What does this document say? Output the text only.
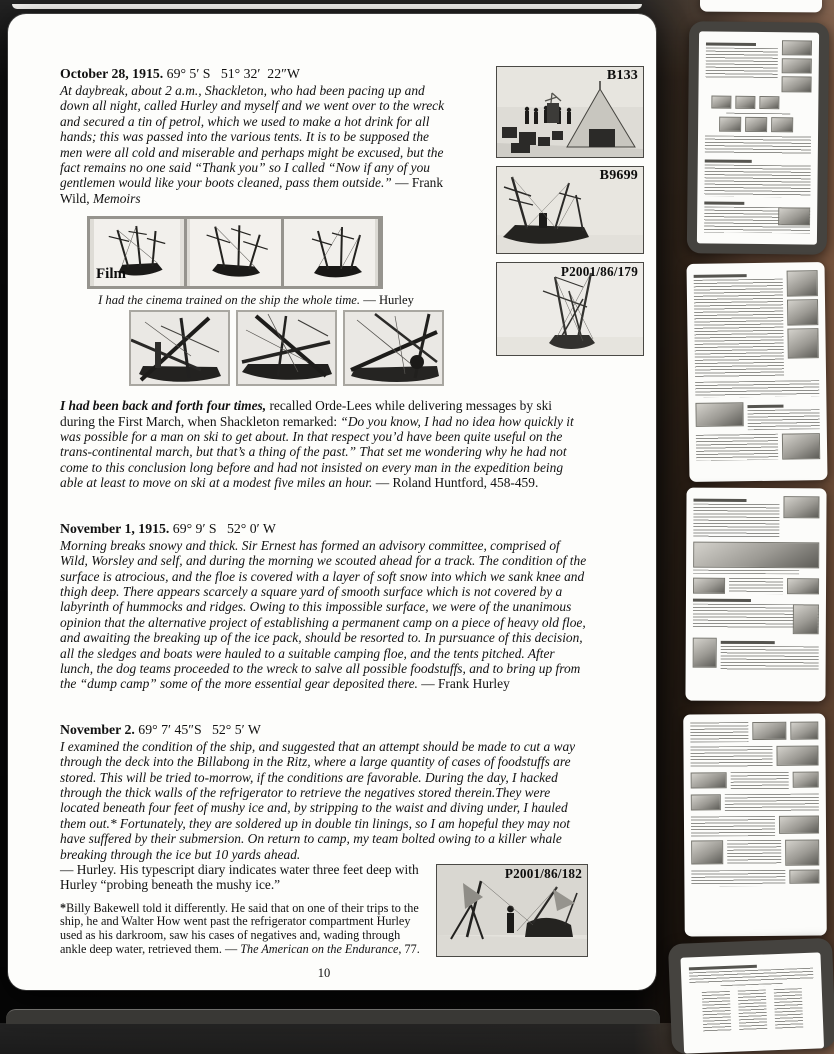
October 28, 1915. 69° 5′ S   51° 32′  22″W
At daybreak, about 2 a.m., Shackleton, who had been pacing up and down all night, called Hurley and myself and we went over to the wreck and secured a tin of petrol, which we used to make a hot drink for all hands; this was passed into the various tents. It is to be supposed the men were all cold and miserable and perhaps might be excused, but the fact remains no one said “Thank you” so I called “Now if any of you gentlemen would like your boots cleaned, pass them outside.” — Frank Wild, Memoirs
Film
I had the cinema trained on the ship the whole time. — Hurley
B133
B9699
P2001/86/179
I had been back and forth four times, recalled Orde-Lees while delivering messages by ski during the First March, when Shackleton remarked: “Do you know, I had no idea how quickly it was possible for a man on ski to get about. In that respect you’d have been quite useful on the trans-continental march, but that’s a thing of the past.” That set me wondering why he had not come to this conclusion long before and had not insisted on every man in the expedition being able at least to move on ski at a modest five miles an hour. — Roland Huntford, 458-459.
November 1, 1915. 69° 9′ S   52° 0′ W
Morning breaks snowy and thick. Sir Ernest has formed an advisory committee, comprised of Wild, Worsley and self, and during the morning we scouted ahead for a track. The condition of the surface is atrocious, and the floe is covered with a layer of soft snow into which we sank knee and thigh deep. There appears scarcely a square yard of smooth surface which is not covered by a labyrinth of hummocks and ridges. Owing to this impossible surface, we were of the unanimous opinion that the alternative project of establishing a permanent camp on a piece of heavy old floe, and awaiting the breaking up of the ice pack, should be resorted to. In pursuance of this decision, all the sledges and boats were hauled to a suitable camping floe, and the tents pitched. After lunch, the dog teams proceeded to the wreck to salve all possible foodstuffs, and to bring up from the “dump camp” some of the more essential gear deposited there. — Frank Hurley
November 2. 69° 7′ 45″S   52° 5′ W
I examined the condition of the ship, and suggested that an attempt should be made to cut a way through the deck into the Billabong in the Ritz, where a large quantity of cases of foodstuffs are stored. This will be tried to-morrow, if the conditions are favorable. During the day, I hacked through the thick walls of the refrigerator to retrieve the negatives stored therein.They were located beneath four feet of mushy ice and, by stripping to the waist and diving under, I hauled them out.* Fortunately, they are soldered up in double tin linings, so I am hopeful they may not have suffered by their submersion. On return to camp, my team bolted owing to a killer whale breaking through the ice but 10 yards ahead.
P2001/86/182
— Hurley. His typescript diary indicates water three feet deep with Hurley “probing beneath the mushy ice.”
*Billy Bakewell told it differently. He said that on one of their trips to the ship, he and Walter How went past the refrigerator compartment Hurley used as his darkroom, saw his cases of negatives and, wading through ankle deep water, retrieved them. — The American on the Endurance, 77.
10
